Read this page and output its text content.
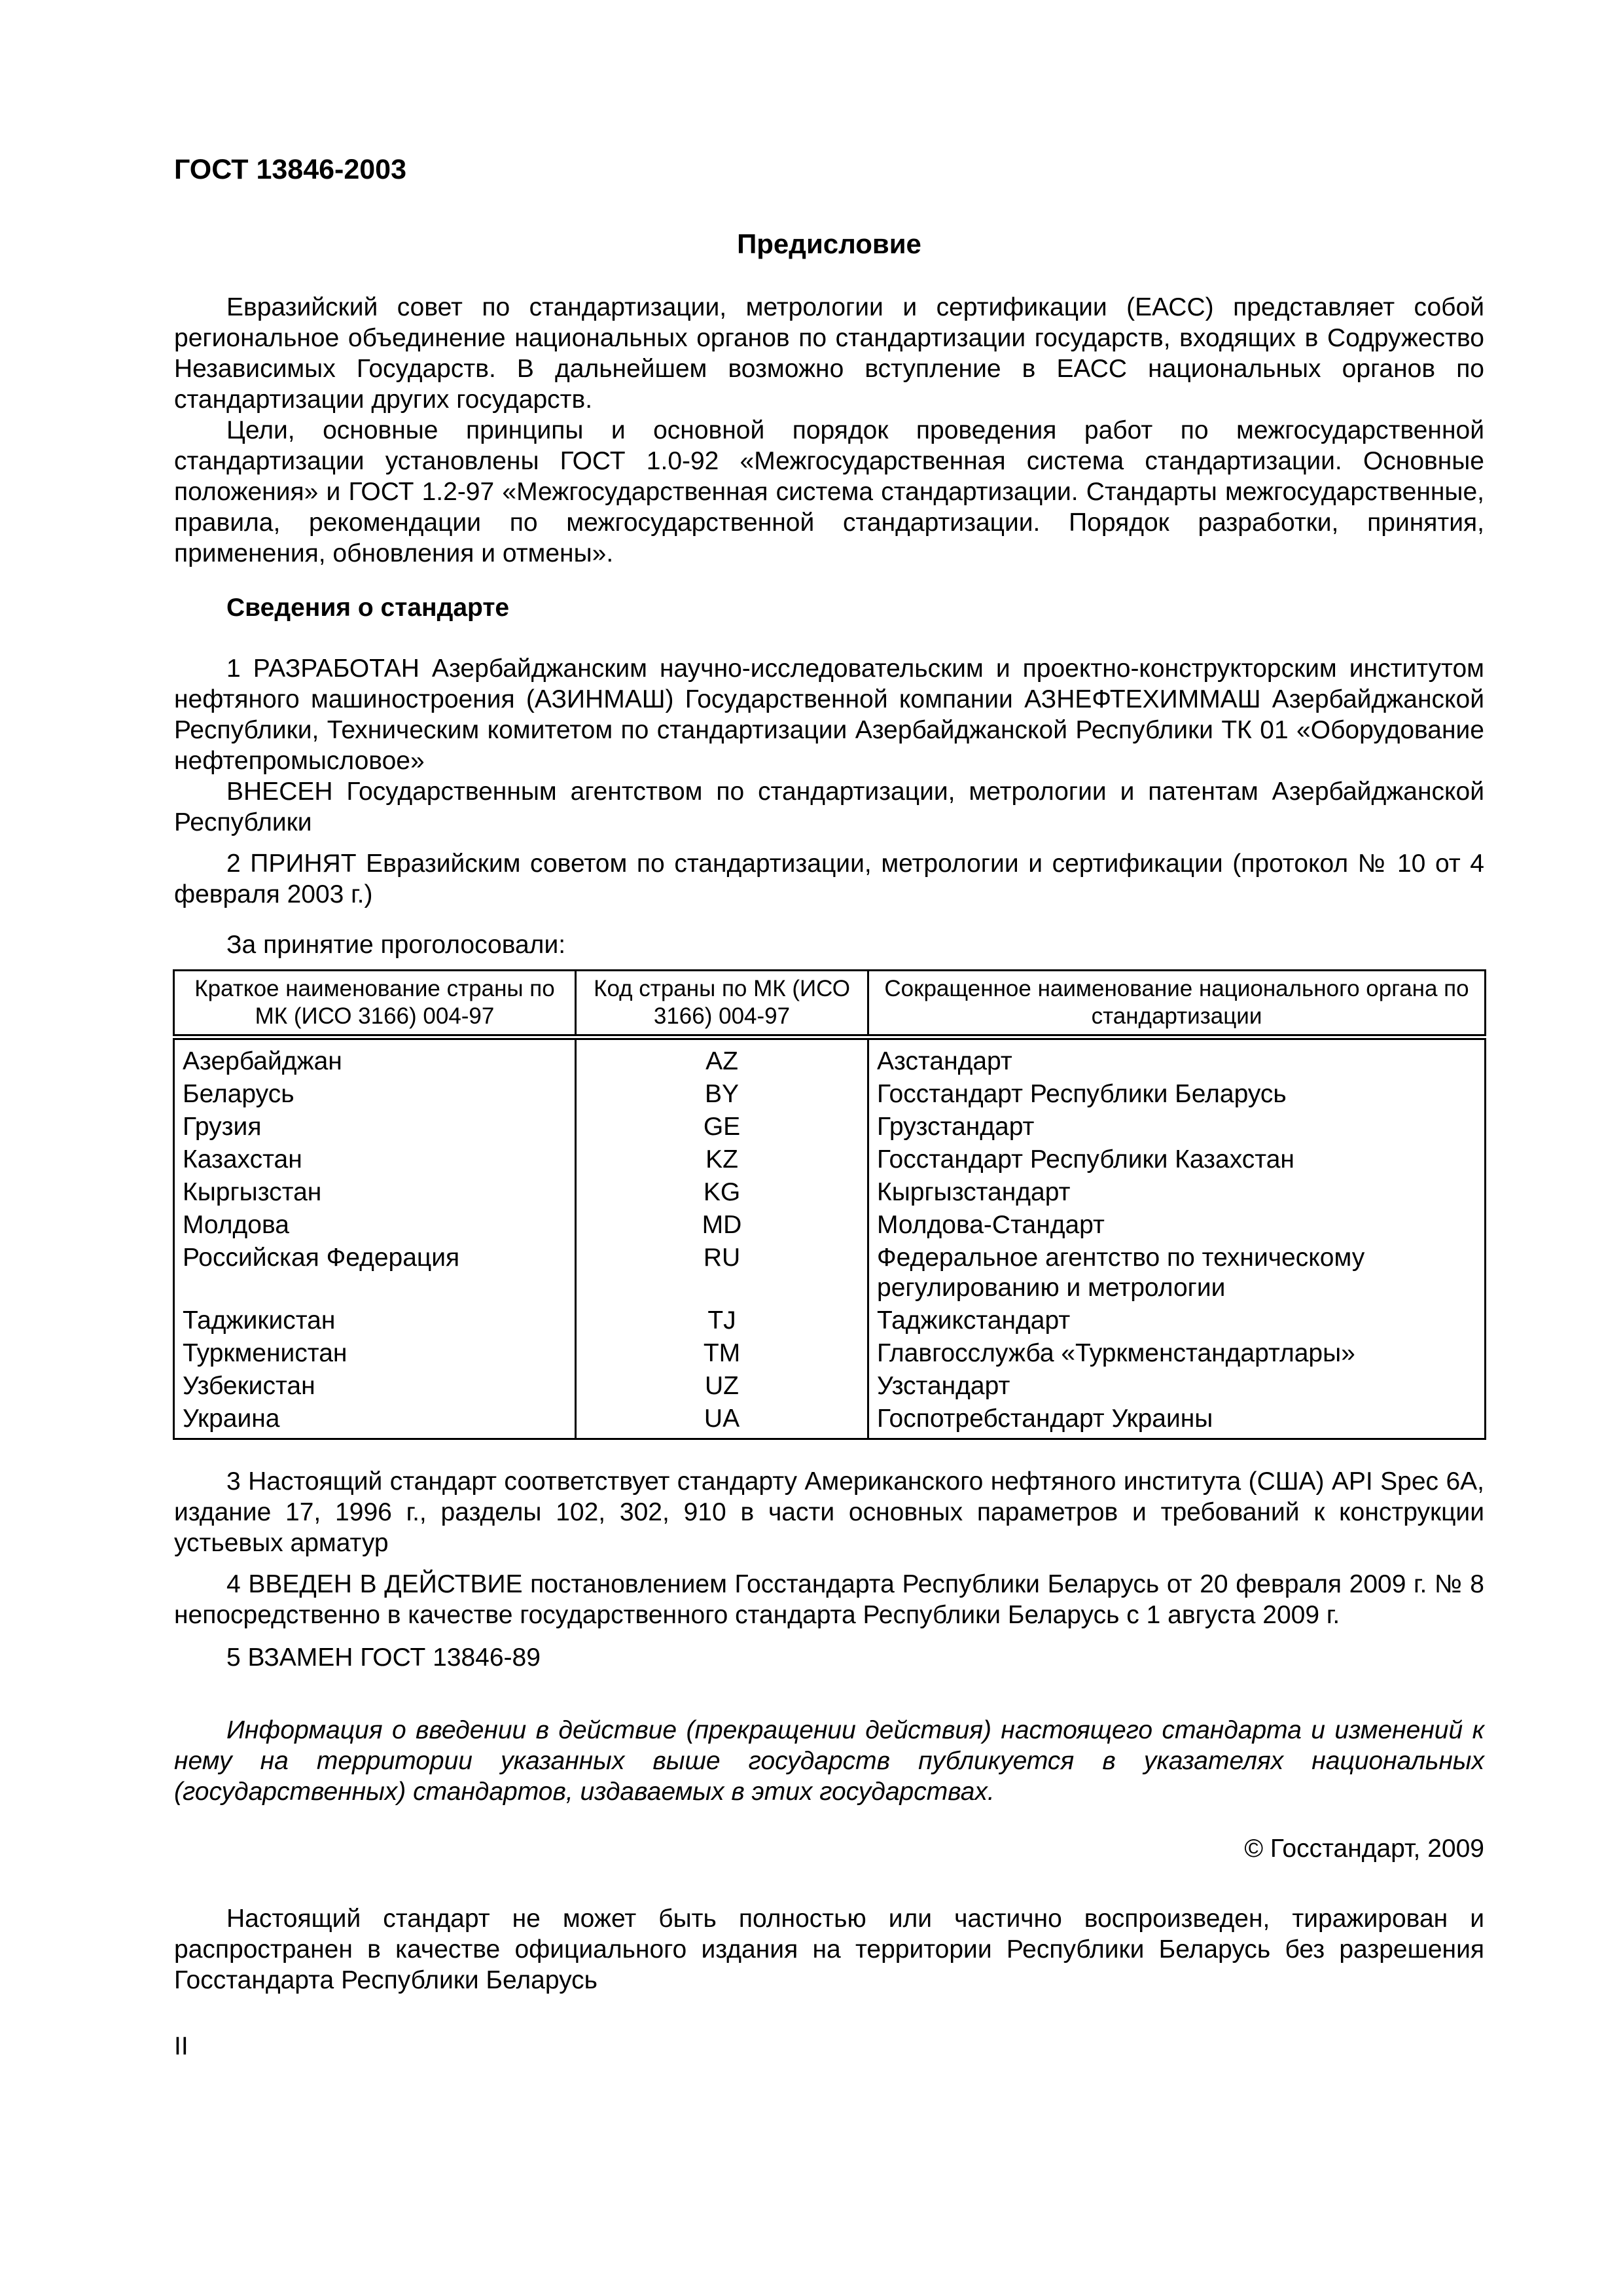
ГОСТ 13846-2003
Предисловие

Евразийский совет по стандартизации, метрологии и сертификации (ЕАСС) представляет собой региональное объединение национальных органов по стандартизации государств, входящих в Содружество Независимых Государств. В дальнейшем возможно вступление в ЕАСС национальных органов по стандартизации других государств.

Цели, основные принципы и основной порядок проведения работ по межгосударственной стандартизации установлены ГОСТ 1.0-92 «Межгосударственная система стандартизации. Основные положения» и ГОСТ 1.2-97 «Межгосударственная система стандартизации. Стандарты межгосударственные, правила, рекомендации по межгосударственной стандартизации. Порядок разработки, принятия, применения, обновления и отмены».

Сведения о стандарте

1 РАЗРАБОТАН Азербайджанским научно-исследовательским и проектно-конструкторским институтом нефтяного машиностроения (АЗИНМАШ) Государственной компании АЗНЕФТЕХИММАШ Азербайджанской Республики, Техническим комитетом по стандартизации Азербайджанской Республики ТК 01 «Оборудование нефтепромысловое»

ВНЕСЕН Государственным агентством по стандартизации, метрологии и патентам Азербайджанской Республики

2 ПРИНЯТ Евразийским советом по стандартизации, метрологии и сертификации (протокол № 10 от 4 февраля 2003 г.)
За принятие проголосовали:
Краткое наименование страны по МК (ИСО 3166) 004-97	Код страны по МК (ИСО 3166) 004-97	Сокращенное наименование национального органа по стандартизации
Азербайджан	AZ	Азстандарт
Беларусь	BY	Госстандарт Республики Беларусь
Грузия	GE	Грузстандарт
Казахстан	KZ	Госстандарт Республики Казахстан
Кыргызстан	KG	Кыргызстандарт
Молдова	MD	Молдова-Стандарт
Российская Федерация	RU	Федеральное агентство по техническому регулированию и метрологии
Таджикистан	TJ	Таджикстандарт
Туркменистан	TM	Главгосслужба «Туркменстандартлары»
Узбекистан	UZ	Узстандарт
Украина	UA	Госпотребстандарт Украины
3 Настоящий стандарт соответствует стандарту Американского нефтяного института (США) API Spec 6A, издание 17, 1996 г., разделы 102, 302, 910 в части основных параметров и требований к конструкции устьевых арматур
4 ВВЕДЕН В ДЕЙСТВИЕ постановлением Госстандарта Республики Беларусь от 20 февраля 2009 г. № 8 непосредственно в качестве государственного стандарта Республики Беларусь с 1 августа 2009 г.
5 ВЗАМЕН ГОСТ 13846-89
Информация о введении в действие (прекращении действия) настоящего стандарта и изменений к нему на территории указанных выше государств публикуется в указателях национальных (государственных) стандартов, издаваемых в этих государствах.
© Госстандарт, 2009
Настоящий стандарт не может быть полностью или частично воспроизведен, тиражирован и распространен в качестве официального издания на территории Республики Беларусь без разрешения Госстандарта Республики Беларусь
II
